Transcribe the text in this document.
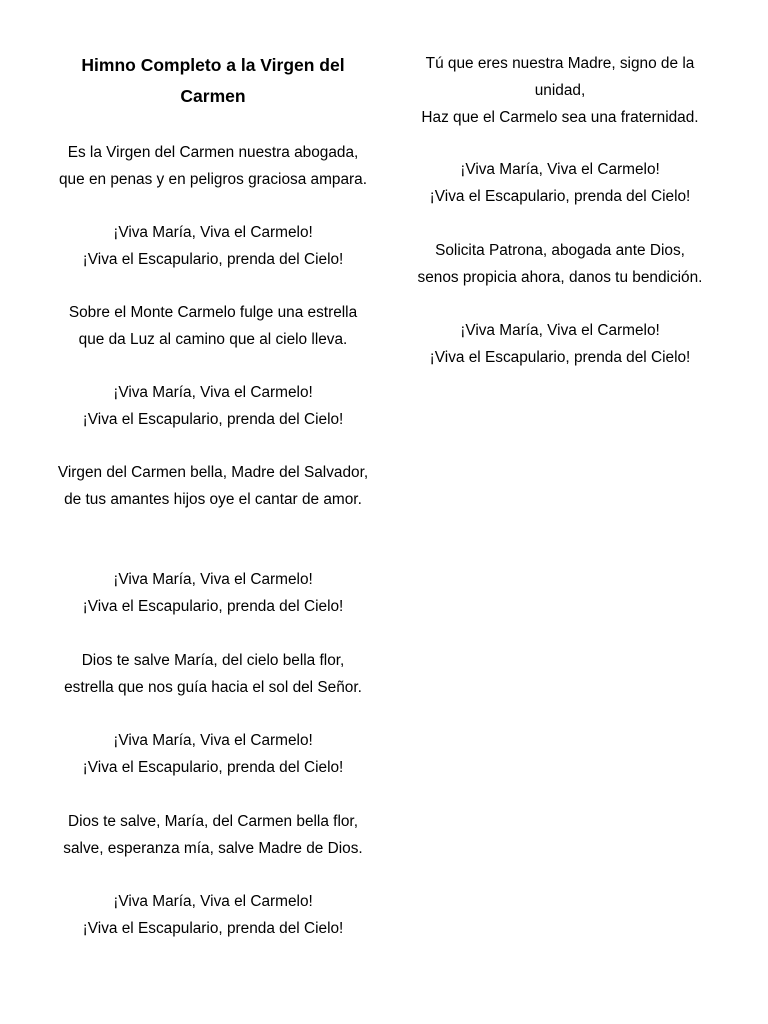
Himno Completo a la Virgen del Carmen

Es la Virgen del Carmen nuestra abogada,
que en penas y en peligros graciosa ampara.

¡Viva María, Viva el Carmelo!
¡Viva el Escapulario, prenda del Cielo!

Sobre el Monte Carmelo fulge una estrella
que da Luz al camino que al cielo lleva.

¡Viva María, Viva el Carmelo!
¡Viva el Escapulario, prenda del Cielo!

Virgen del Carmen bella, Madre del Salvador,
de tus amantes hijos oye el cantar de amor.

¡Viva María, Viva el Carmelo!
¡Viva el Escapulario, prenda del Cielo!

Dios te salve María, del cielo bella flor,
estrella que nos guía hacia el sol del Señor.

¡Viva María, Viva el Carmelo!
¡Viva el Escapulario, prenda del Cielo!

Dios te salve, María, del Carmen bella flor,
salve, esperanza mía, salve Madre de Dios.

¡Viva María, Viva el Carmelo!
¡Viva el Escapulario, prenda del Cielo!

Tú que eres nuestra Madre, signo de la unidad,
Haz que el Carmelo sea una fraternidad.

¡Viva María, Viva el Carmelo!
¡Viva el Escapulario, prenda del Cielo!

Solicita Patrona, abogada ante Dios,
senos propicia ahora, danos tu bendición.

¡Viva María, Viva el Carmelo!
¡Viva el Escapulario, prenda del Cielo!
